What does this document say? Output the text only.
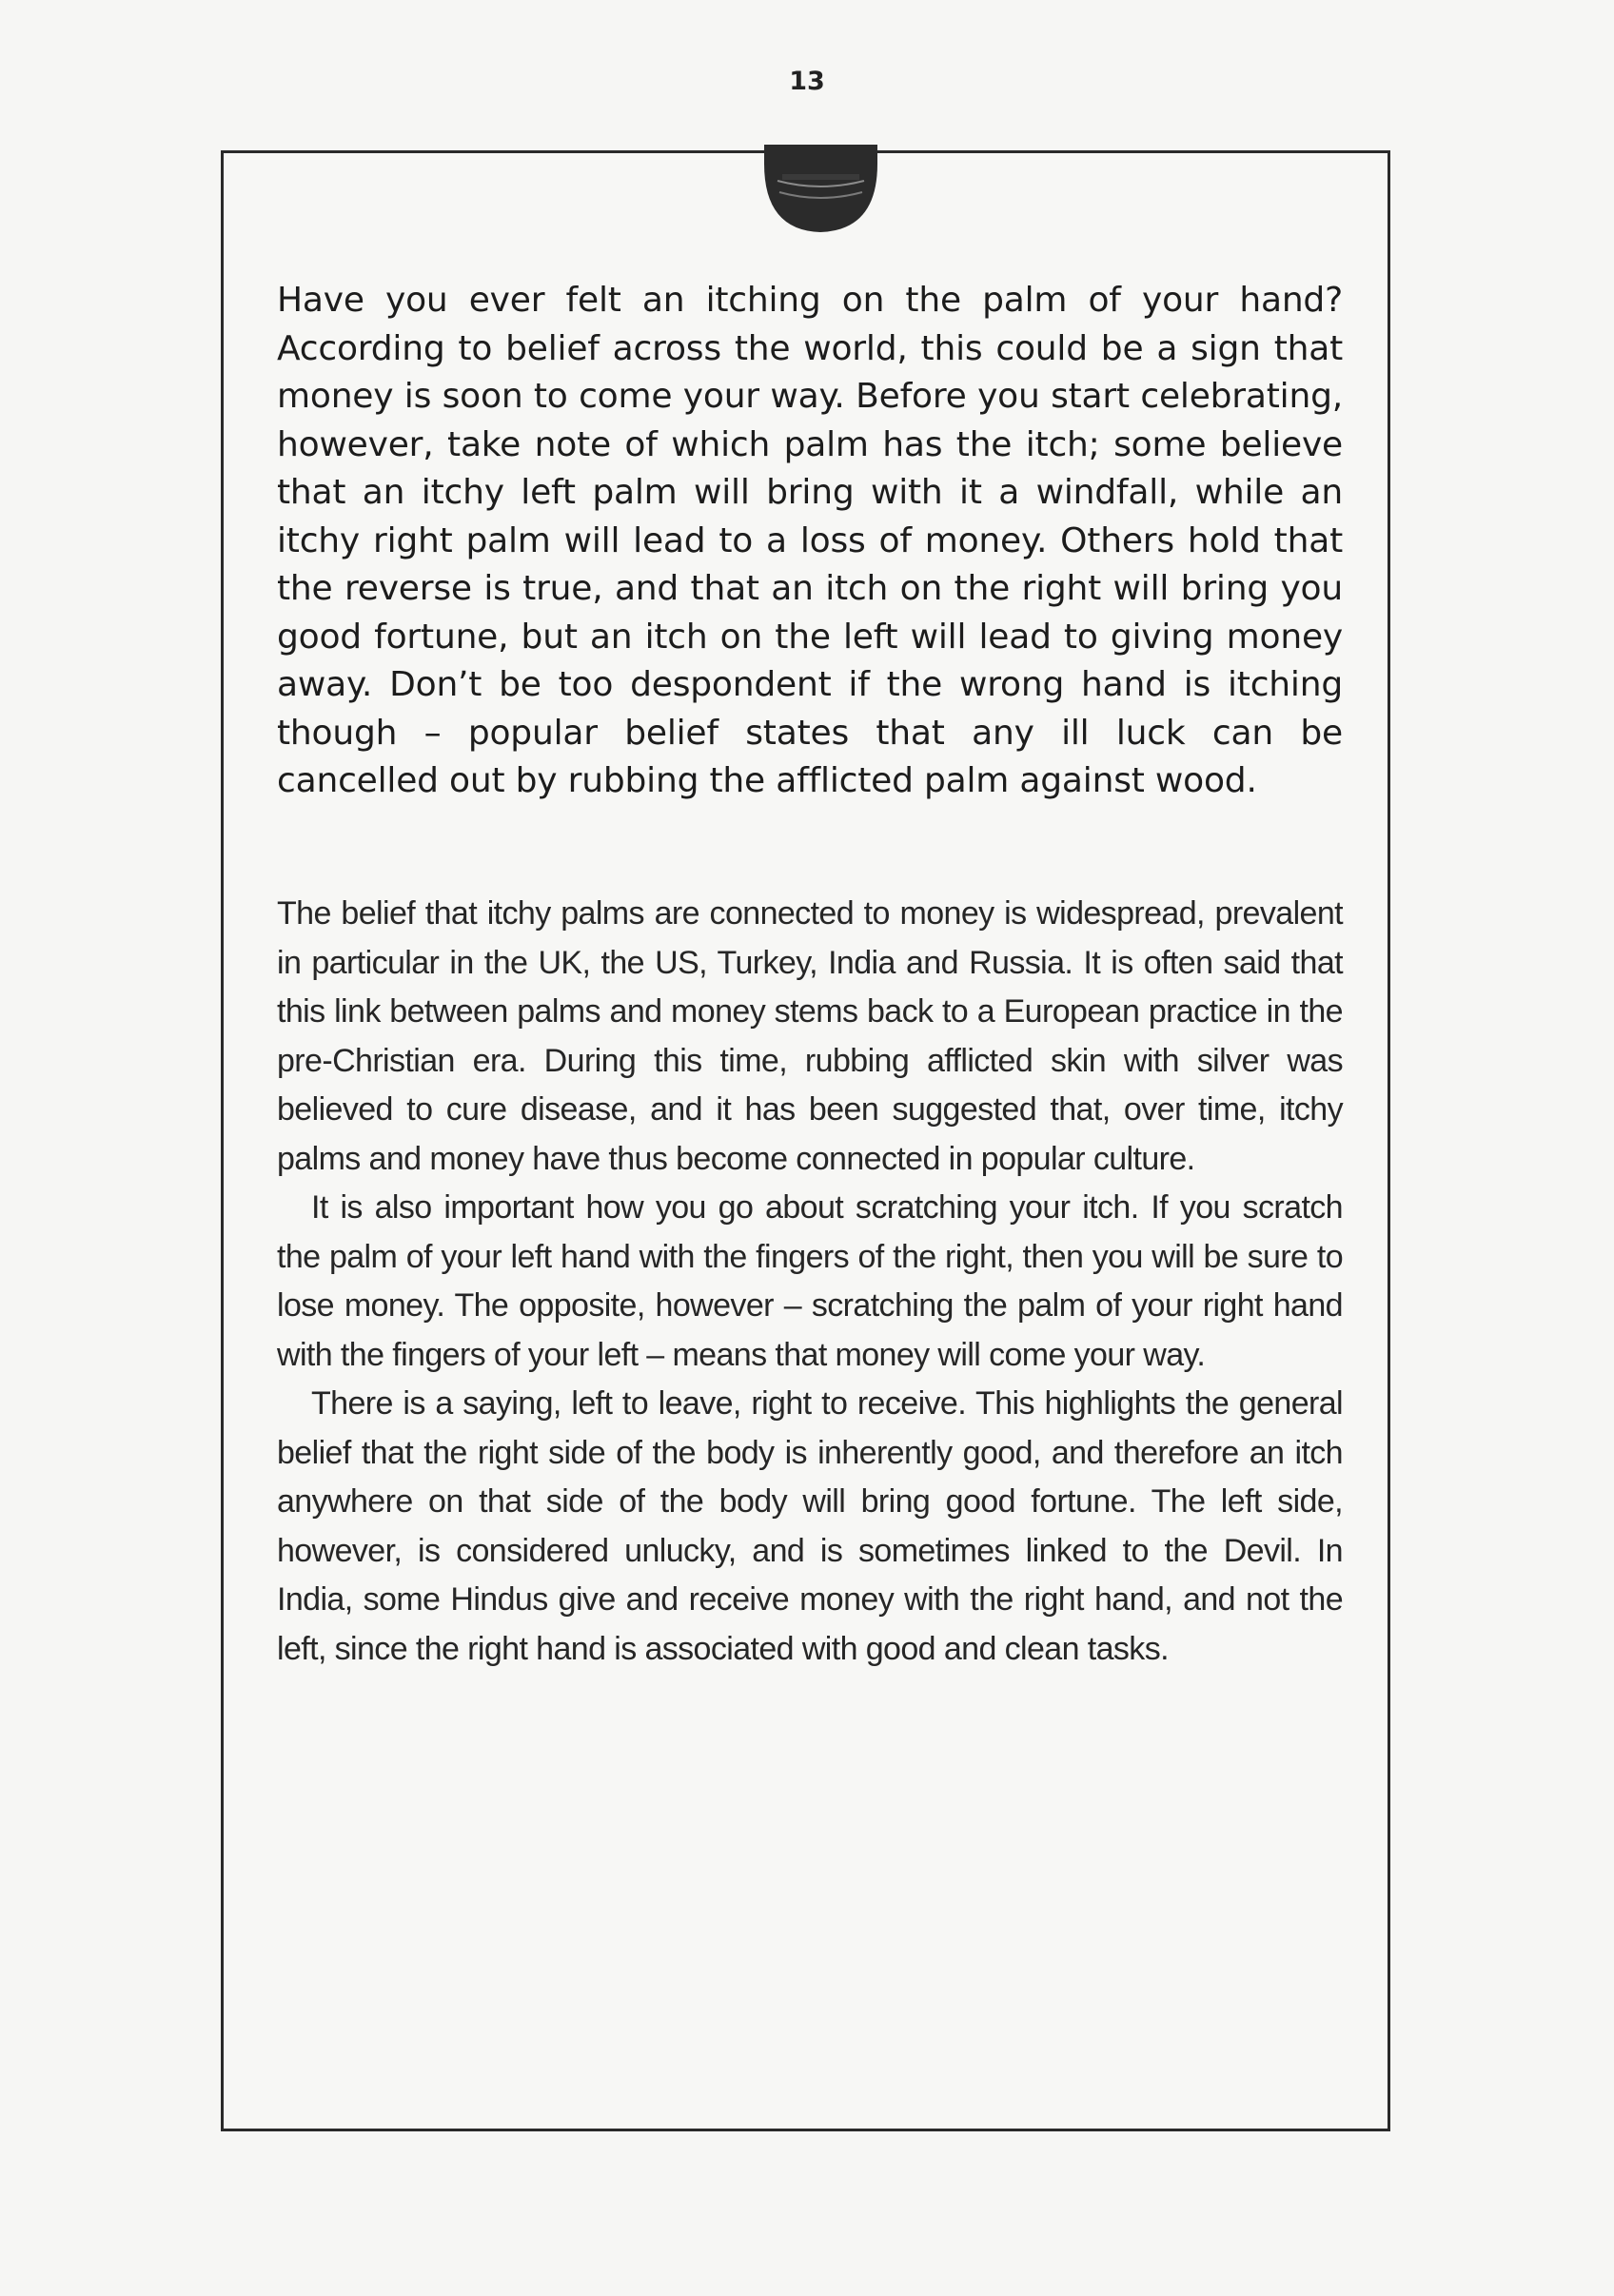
13

Have you ever felt an itching on the palm of your hand? According to belief across the world, this could be a sign that money is soon to come your way. Before you start celebrating, however, take note of which palm has the itch; some believe that an itchy left palm will bring with it a windfall, while an itchy right palm will lead to a loss of money. Others hold that the reverse is true, and that an itch on the right will bring you good fortune, but an itch on the left will lead to giving money away. Don’t be too despondent if the wrong hand is itching though – popular belief states that any ill luck can be cancelled out by rubbing the afflicted palm against wood.

The belief that itchy palms are connected to money is widespread, prevalent in particular in the UK, the US, Turkey, India and Russia. It is often said that this link between palms and money stems back to a European practice in the pre-Christian era. During this time, rubbing afflicted skin with silver was believed to cure disease, and it has been suggested that, over time, itchy palms and money have thus become connected in popular culture.

It is also important how you go about scratching your itch. If you scratch the palm of your left hand with the fingers of the right, then you will be sure to lose money. The opposite, however – scratching the palm of your right hand with the fingers of your left – means that money will come your way.

There is a saying, left to leave, right to receive. This highlights the general belief that the right side of the body is inherently good, and therefore an itch anywhere on that side of the body will bring good fortune. The left side, however, is considered unlucky, and is sometimes linked to the Devil. In India, some Hindus give and receive money with the right hand, and not the left, since the right hand is associated with good and clean tasks.
